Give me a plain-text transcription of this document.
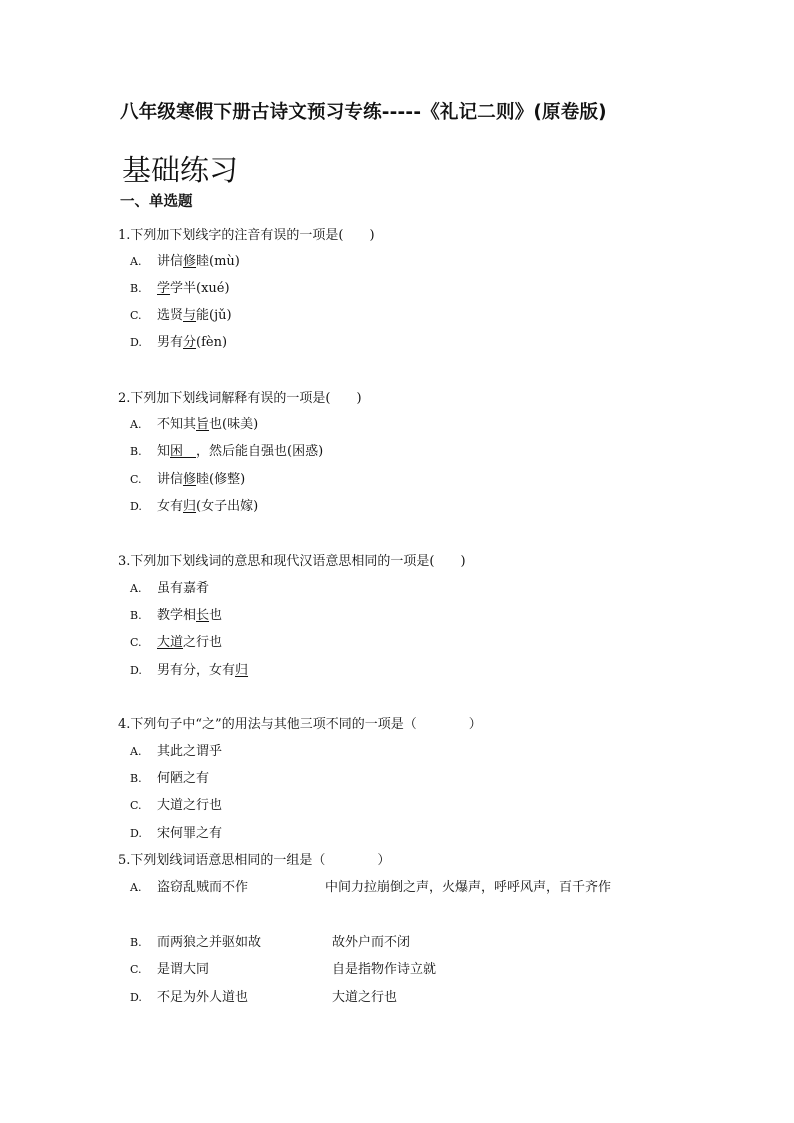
八年级寒假下册古诗文预习专练-----《礼记二则》(原卷版)
基础练习
一、单选题
1.下列加下划线字的注音有误的一项是(　　)
A. 讲信修睦(mù)
B. 学学半(xué)
C. 选贤与能(jǔ)
D. 男有分(fèn)
2.下列加下划线词解释有误的一项是(　　)
A. 不知其旨也(味美)
B. 知困　，然后能自强也(困惑)
C. 讲信修睦(修整)
D. 女有归(女子出嫁)
3.下列加下划线词的意思和现代汉语意思相同的一项是(　　)
A. 虽有嘉肴
B. 教学相长也
C. 大道之行也
D. 男有分，女有归
4.下列句子中“之”的用法与其他三项不同的一项是（　　　　）
A. 其此之谓乎
B. 何陋之有
C. 大道之行也
D. 宋何罪之有
5.下列划线词语意思相同的一组是（　　　　）
A. 盗窃乱贼而不作	中间力拉崩倒之声，火爆声，呼呼风声，百千齐作
B. 而两狼之并驱如故	故外户而不闭
C. 是谓大同	自是指物作诗立就
D. 不足为外人道也	大道之行也
